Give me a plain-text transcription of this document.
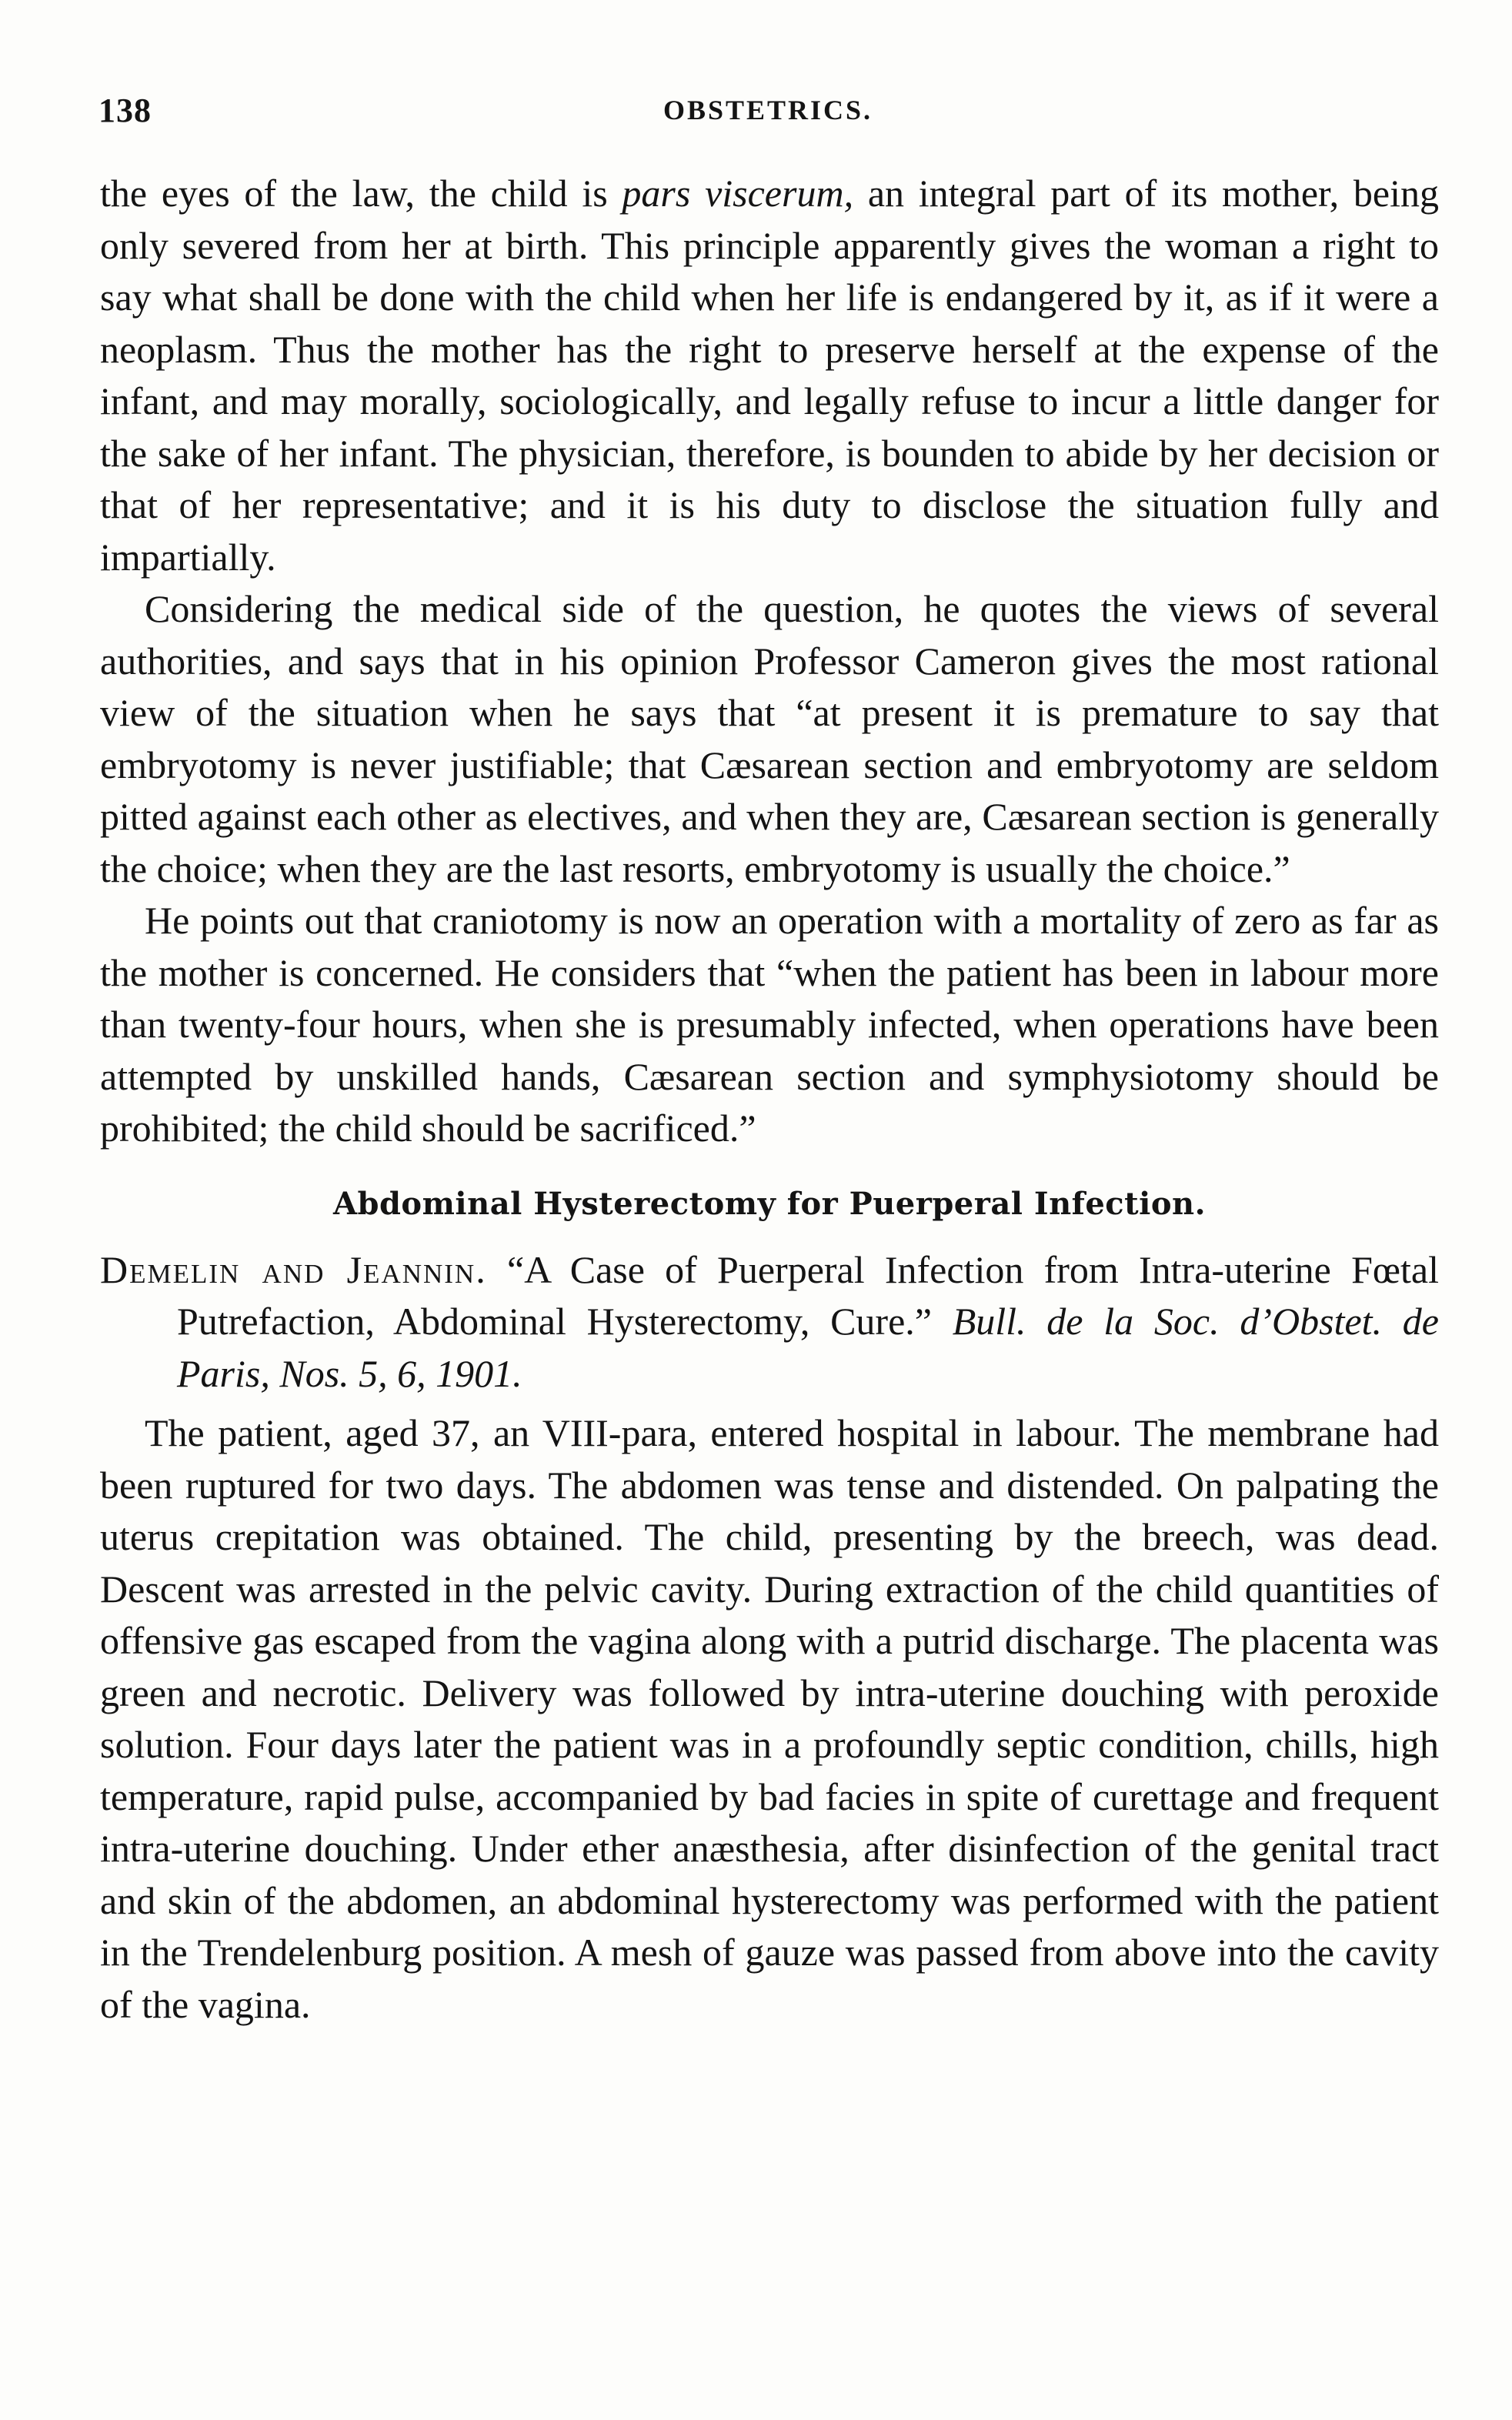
138	OBSTETRICS.

the eyes of the law, the child is pars viscerum, an integral part of its mother, being only severed from her at birth. This principle apparently gives the woman a right to say what shall be done with the child when her life is endangered by it, as if it were a neoplasm. Thus the mother has the right to preserve herself at the expense of the infant, and may morally, sociologically, and legally refuse to incur a little danger for the sake of her infant. The physician, therefore, is bounden to abide by her decision or that of her representative; and it is his duty to disclose the situation fully and impartially.

Considering the medical side of the question, he quotes the views of several authorities, and says that in his opinion Professor Cameron gives the most rational view of the situation when he says that “at present it is premature to say that embryotomy is never justifiable; that Cæsarean section and embryotomy are seldom pitted against each other as electives, and when they are, Cæsarean section is generally the choice; when they are the last resorts, embryotomy is usually the choice.”

He points out that craniotomy is now an operation with a mortality of zero as far as the mother is concerned. He considers that “when the patient has been in labour more than twenty-four hours, when she is presumably infected, when operations have been attempted by unskilled hands, Cæsarean section and symphysiotomy should be prohibited; the child should be sacrificed.”

Abdominal Hysterectomy for Puerperal Infection.

Demelin and Jeannin. “A Case of Puerperal Infection from Intra-uterine Fœtal Putrefaction, Abdominal Hysterectomy, Cure.” Bull. de la Soc. d’Obstet. de Paris, Nos. 5, 6, 1901.

The patient, aged 37, an VIII-para, entered hospital in labour. The membrane had been ruptured for two days. The abdomen was tense and distended. On palpating the uterus crepitation was obtained. The child, presenting by the breech, was dead. Descent was arrested in the pelvic cavity. During extraction of the child quantities of offensive gas escaped from the vagina along with a putrid discharge. The placenta was green and necrotic. Delivery was followed by intra-uterine douching with peroxide solution. Four days later the patient was in a profoundly septic condition, chills, high temperature, rapid pulse, accompanied by bad facies in spite of curettage and frequent intra-uterine douching. Under ether anæsthesia, after disinfection of the genital tract and skin of the abdomen, an abdominal hysterectomy was performed with the patient in the Trendelenburg position. A mesh of gauze was passed from above into the cavity of the vagina.
